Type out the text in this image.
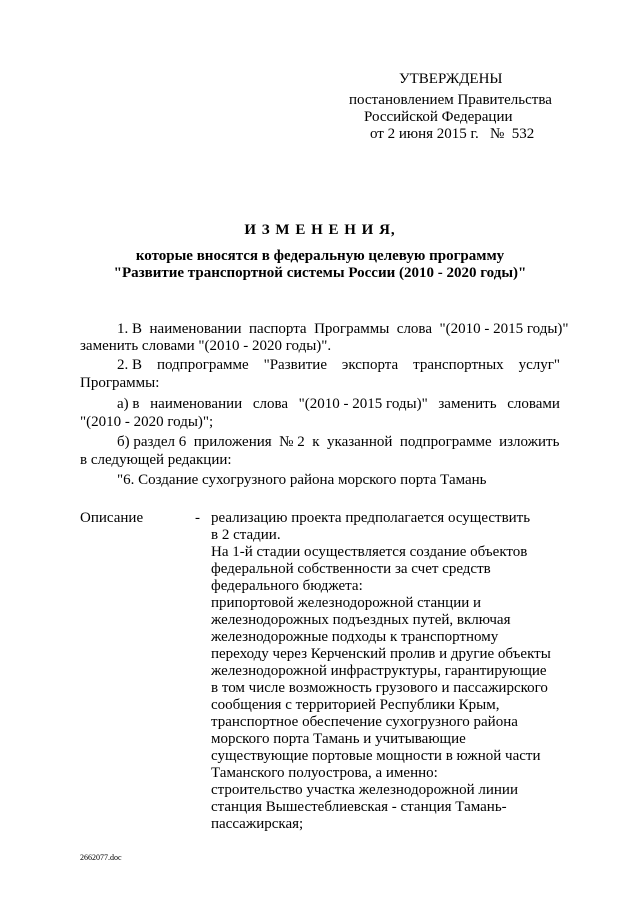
УТВЕРЖДЕНЫ
постановлением Правительства
Российской Федерации
от 2 июня 2015 г.   №  532
И З М Е Н Е Н И Я,
которые вносятся в федеральную целевую программу
"Развитие транспортной системы России (2010 - 2020 годы)"
1. В  наименовании  паспорта  Программы  слова  "(2010 - 2015 годы)"
заменить словами "(2010 - 2020 годы)".
2. В подпрограмме "Развитие экспорта транспортных услуг"
Программы:
а) в наименовании слова "(2010 - 2015 годы)" заменить словами
"(2010 - 2020 годы)";
б) раздел 6  приложения  № 2  к  указанной  подпрограмме  изложить
в следующей редакции:
"6. Создание сухогрузного района морского порта Тамань
Описание	- реализацию проекта предполагается осуществить
в 2 стадии.
На 1-й стадии осуществляется создание объектов
федеральной собственности за счет средств
федерального бюджета:
припортовой железнодорожной станции и
железнодорожных подъездных путей, включая
железнодорожные подходы к транспортному
переходу через Керченский пролив и другие объекты
железнодорожной инфраструктуры, гарантирующие
в том числе возможность грузового и пассажирского
сообщения с территорией Республики Крым,
транспортное обеспечение сухогрузного района
морского порта Тамань и учитывающие
существующие портовые мощности в южной части
Таманского полуострова, а именно:
строительство участка железнодорожной линии
станция Вышестеблиевская - станция Тамань-
пассажирская;
2662077.doc
